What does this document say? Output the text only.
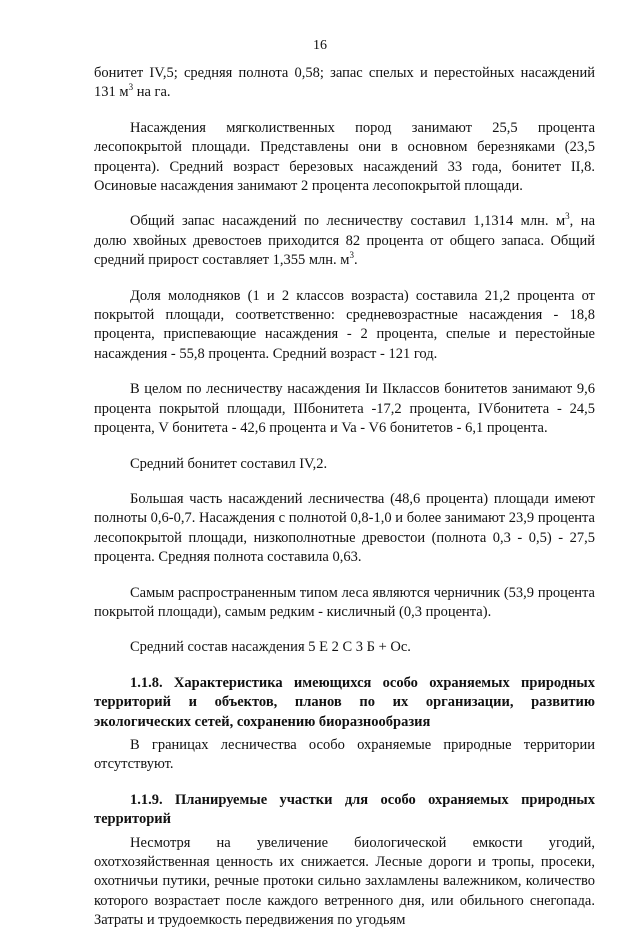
16

бонитет IV,5; средняя полнота 0,58; запас спелых и перестойных насаждений 131 $м^3$ на га.

Насаждения мягколиственных пород занимают 25,5 процента лесопокрытой площади. Представлены они в основном березняками (23,5 процента). Средний возраст березовых насаждений 33 года, бонитет II,8. Осиновые насаждения занимают 2 процента лесопокрытой площади.

Общий запас насаждений по лесничеству составил 1,1314 млн. $м^3$, на долю хвойных древостоев приходится 82 процента от общего запаса. Общий средний прирост составляет 1,355 млн. $м^3$.

Доля молодняков (1 и 2 классов возраста) составила 21,2 процента от покрытой площади, соответственно: средневозрастные насаждения - 18,8 процента, приспевающие насаждения - 2 процента, спелые и перестойные насаждения - 55,8 процента. Средний возраст - 121 год.

В целом по лесничеству насаждения Iи IIклассов бонитетов занимают 9,6 процента покрытой площади, IIIбонитета -17,2 процента, IVбонитета - 24,5 процента, V бонитета - 42,6 процента и Va - V6 бонитетов - 6,1 процента.

Средний бонитет составил IV,2.

Большая часть насаждений лесничества (48,6 процента) площади имеют полноты 0,6-0,7. Насаждения с полнотой 0,8-1,0 и более занимают 23,9 процента лесопокрытой площади, низкополнотные древостои (полнота 0,3 - 0,5) - 27,5 процента. Средняя полнота составила 0,63.

Самым распространенным типом леса являются черничник (53,9 процента покрытой площади), самым редким - кисличный (0,3 процента).

Средний состав насаждения 5 Е 2 С 3 Б + Ос.

1.1.8. Характеристика имеющихся особо охраняемых природных территорий и объектов, планов по их организации, развитию экологических сетей, сохранению биоразнообразия

В границах лесничества особо охраняемые природные территории отсутствуют.

1.1.9. Планируемые участки для особо охраняемых природных территорий

Несмотря на увеличение биологической емкости угодий, охотхозяйственная ценность их снижается. Лесные дороги и тропы, просеки, охотничьи путики, речные протоки сильно захламлены валежником, количество которого возрастает после каждого ветренного дня, или обильного снегопада. Затраты и трудоемкость передвижения по угодьям
